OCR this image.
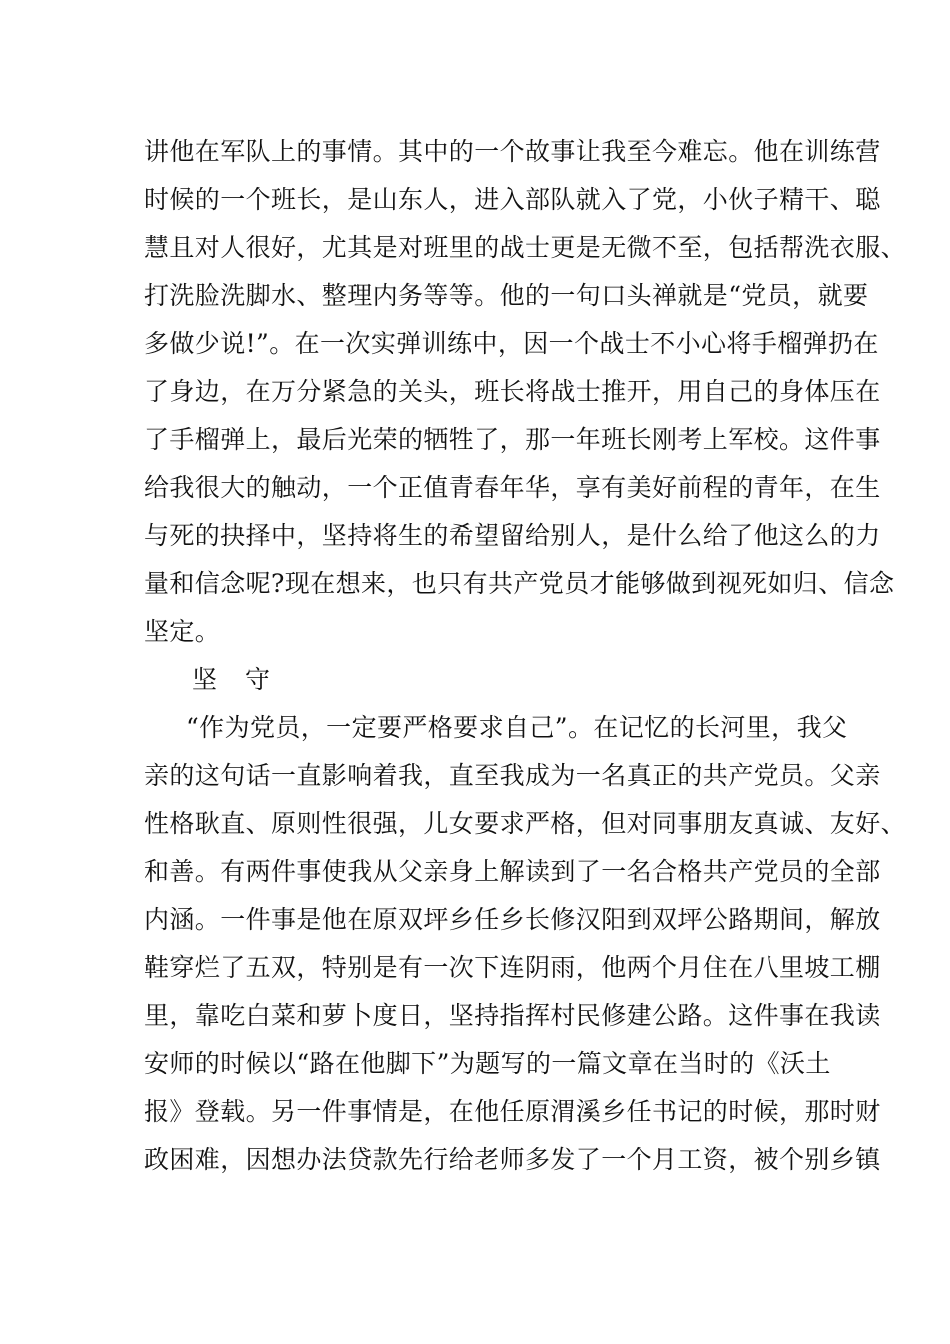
讲他在军队上的事情。其中的一个故事让我至今难忘。他在训练营
时候的一个班长，是山东人，进入部队就入了党，小伙子精干、聪
慧且对人很好，尤其是对班里的战士更是无微不至，包括帮洗衣服、
打洗脸洗脚水、整理内务等等。他的一句口头禅就是“党员，就要
多做少说!”。在一次实弹训练中，因一个战士不小心将手榴弹扔在
了身边，在万分紧急的关头，班长将战士推开，用自己的身体压在
了手榴弹上，最后光荣的牺牲了，那一年班长刚考上军校。这件事
给我很大的触动，一个正值青春年华，享有美好前程的青年，在生
与死的抉择中，坚持将生的希望留给别人，是什么给了他这么的力
量和信念呢?现在想来，也只有共产党员才能够做到视死如归、信念
坚定。
坚 守
“作为党员，一定要严格要求自己”。在记忆的长河里，我父
亲的这句话一直影响着我，直至我成为一名真正的共产党员。父亲
性格耿直、原则性很强，儿女要求严格，但对同事朋友真诚、友好、
和善。有两件事使我从父亲身上解读到了一名合格共产党员的全部
内涵。一件事是他在原双坪乡任乡长修汉阳到双坪公路期间，解放
鞋穿烂了五双，特别是有一次下连阴雨，他两个月住在八里坡工棚
里，靠吃白菜和萝卜度日，坚持指挥村民修建公路。这件事在我读
安师的时候以“路在他脚下”为题写的一篇文章在当时的《沃土
报》登载。另一件事情是，在他任原渭溪乡任书记的时候，那时财
政困难，因想办法贷款先行给老师多发了一个月工资，被个别乡镇
